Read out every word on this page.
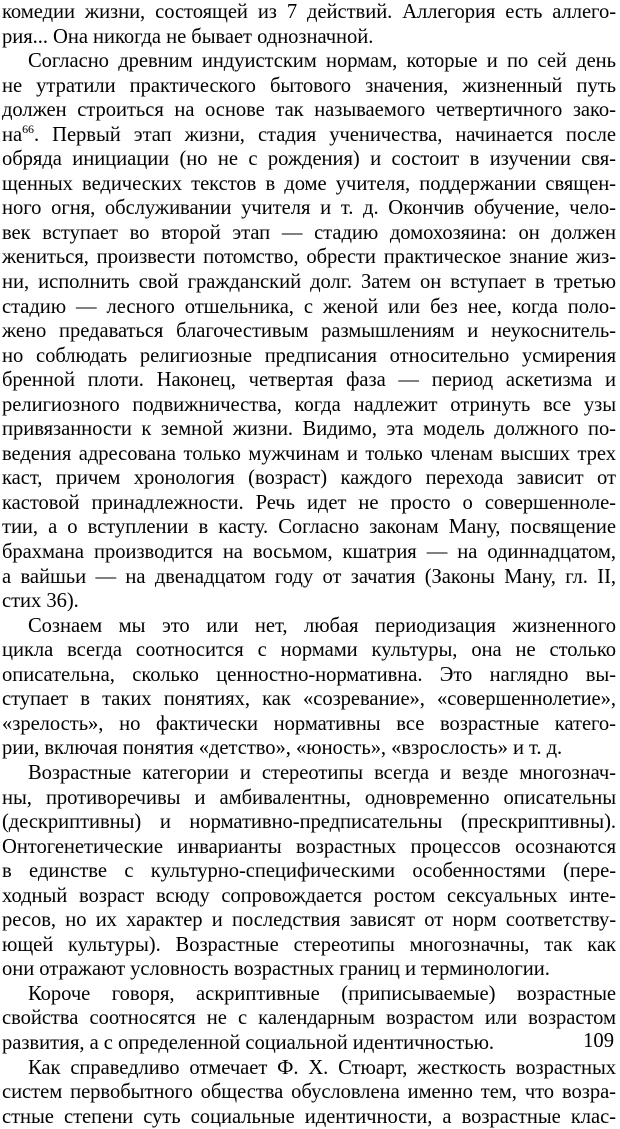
комедии жизни, состоящей из 7 действий. Аллегория есть аллего-
рия... Она никогда не бывает однозначной.
Согласно древним индуистским нормам, которые и по сей день
не утратили практического бытового значения, жизненный путь
должен строиться на основе так называемого четвертичного зако-
на$^{66}$. Первый этап жизни, стадия ученичества, начинается после
обряда инициации (но не с рождения) и состоит в изучении свя-
щенных ведических текстов в доме учителя, поддержании священ-
ного огня, обслуживании учителя и т. д. Окончив обучение, чело-
век вступает во второй этап — стадию домохозяина: он должен
жениться, произвести потомство, обрести практическое знание жиз-
ни, исполнить свой гражданский долг. Затем он вступает в третью
стадию — лесного отшельника, с женой или без нее, когда поло-
жено предаваться благочестивым размышлениям и неукоснитель-
но соблюдать религиозные предписания относительно усмирения
бренной плоти. Наконец, четвертая фаза — период аскетизма и
религиозного подвижничества, когда надлежит отринуть все узы
привязанности к земной жизни. Видимо, эта модель должного по-
ведения адресована только мужчинам и только членам высших трех
каст, причем хронология (возраст) каждого перехода зависит от
кастовой принадлежности. Речь идет не просто о совершенноле-
тии, а о вступлении в касту. Согласно законам Ману, посвящение
брахмана производится на восьмом, кшатрия — на одиннадцатом,
а вайшьи — на двенадцатом году от зачатия (Законы Ману, гл. II,
стих 36).
Сознаем мы это или нет, любая периодизация жизненного
цикла всегда соотносится с нормами культуры, она не столько
описательна, сколько ценностно-нормативна. Это наглядно вы-
ступает в таких понятиях, как «созревание», «совершеннолетие»,
«зрелость», но фактически нормативны все возрастные катего-
рии, включая понятия «детство», «юность», «взрослость» и т. д.
Возрастные категории и стереотипы всегда и везде многознач-
ны, противоречивы и амбивалентны, одновременно описательны
(дескриптивны) и нормативно-предписательны (прескриптивны).
Онтогенетические инварианты возрастных процессов осознаются
в единстве с культурно-специфическими особенностями (пере-
ходный возраст всюду сопровождается ростом сексуальных инте-
ресов, но их характер и последствия зависят от норм соответству-
ющей культуры). Возрастные стереотипы многозначны, так как
они отражают условность возрастных границ и терминологии.
Короче говоря, аскриптивные (приписываемые) возрастные
свойства соотносятся не с календарным возрастом или возрастом
развития, а с определенной социальной идентичностью.
Как справедливо отмечает Ф. Х. Стюарт, жесткость возрастных
систем первобытного общества обусловлена именно тем, что возра-
стные степени суть социальные идентичности, а возрастные клас-
109
